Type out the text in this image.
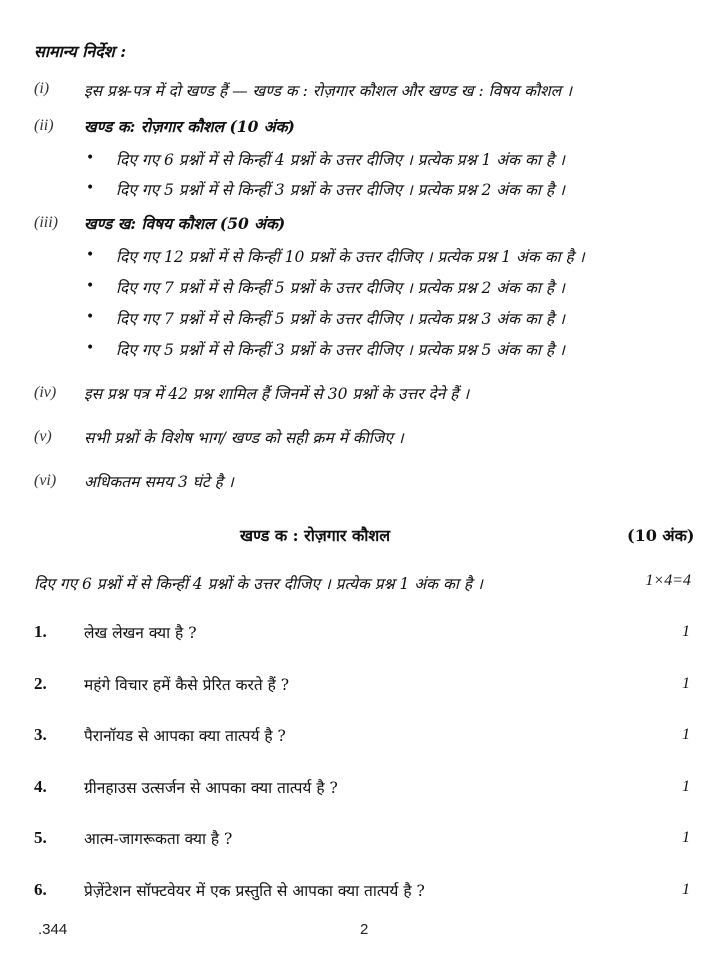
सामान्य निर्देश :
(i) इस प्रश्न-पत्र में दो खण्ड हैं — खण्ड क : रोज़गार कौशल और खण्ड ख : विषय कौशल ।
(ii) खण्ड क: रोज़गार कौशल (10 अंक)
• दिए गए 6 प्रश्नों में से किन्हीं 4 प्रश्नों के उत्तर दीजिए । प्रत्येक प्रश्न 1 अंक का है ।
• दिए गए 5 प्रश्नों में से किन्हीं 3 प्रश्नों के उत्तर दीजिए । प्रत्येक प्रश्न 2 अंक का है ।
(iii) खण्ड ख: विषय कौशल (50 अंक)
• दिए गए 12 प्रश्नों में से किन्हीं 10 प्रश्नों के उत्तर दीजिए । प्रत्येक प्रश्न 1 अंक का है ।
• दिए गए 7 प्रश्नों में से किन्हीं 5 प्रश्नों के उत्तर दीजिए । प्रत्येक प्रश्न 2 अंक का है ।
• दिए गए 7 प्रश्नों में से किन्हीं 5 प्रश्नों के उत्तर दीजिए । प्रत्येक प्रश्न 3 अंक का है ।
• दिए गए 5 प्रश्नों में से किन्हीं 3 प्रश्नों के उत्तर दीजिए । प्रत्येक प्रश्न 5 अंक का है ।
(iv) इस प्रश्न पत्र में 42 प्रश्न शामिल हैं जिनमें से 30 प्रश्नों के उत्तर देने हैं ।
(v) सभी प्रश्नों के विशेष भाग/ खण्ड को सही क्रम में कीजिए ।
(vi) अधिकतम समय 3 घंटे है ।
खण्ड क : रोज़गार कौशल	(10 अंक)
दिए गए 6 प्रश्नों में से किन्हीं 4 प्रश्नों के उत्तर दीजिए । प्रत्येक प्रश्न 1 अंक का है ।	1×4=4
1. लेख लेखन क्या है ?	1
2. महंगे विचार हमें कैसे प्रेरित करते हैं ?	1
3. पैरानॉयड से आपका क्या तात्पर्य है ?	1
4. ग्रीनहाउस उत्सर्जन से आपका क्या तात्पर्य है ?	1
5. आत्म-जागरूकता क्या है ?	1
6. प्रेज़ेंटेशन सॉफ्टवेयर में एक प्रस्तुति से आपका क्या तात्पर्य है ?	1
.344	2
